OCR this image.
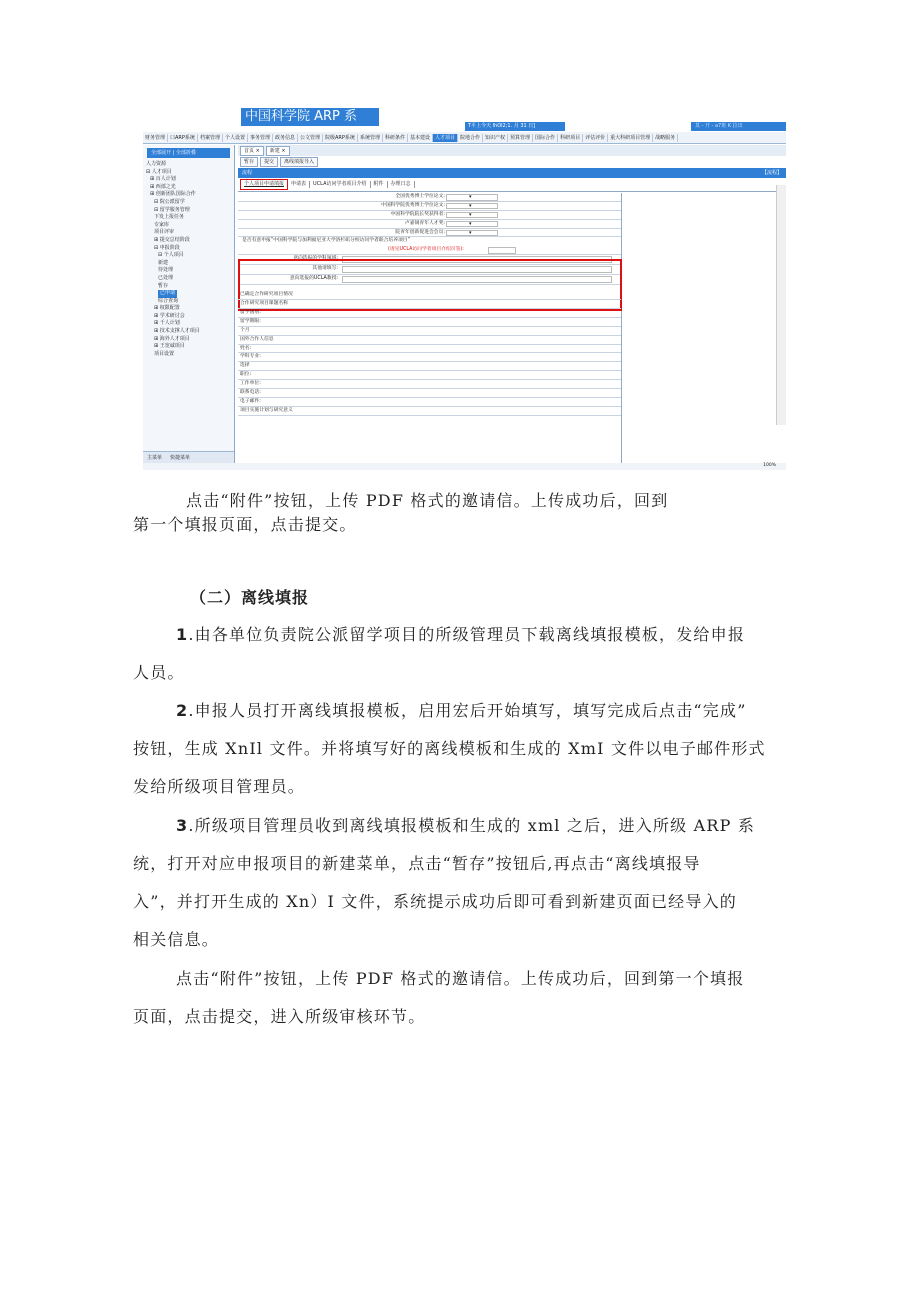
中国科学院 ARP 系
T平上今天 lhOl2;1. 月 31 日]	莫 - 开 - a7班 K 拉出
财务管理	口ARP系统	档案管理	个人设置	事务管理	政务信息	公文管理	院级ARP系统	系统管理	科研条件	基本建设	人才项目	院地合作	知识产权	预算管理	国际合作	科研项目	评估评价	重大科研项目管理	战略服务
全部展开 | 全部折叠
人力资源
⊟ 人才项目
⊞ 百人计划
⊞ 西部之光
⊞ 创新团队国际合作
⊟ 院公派留学
⊟ 留学服务管理
下发上报任务
专家库
项目评审
⊞ 提交总结阶段
⊟ 申报阶段
⊟ 个人项目
新建
待处理
已处理
暂存
已申请
综合查询
⊞ 权限配置
⊞ 学术研讨会
⊞ 千人计划
⊞ 技术支撑人才项目
⊞ 海外人才项目
⊞ 王宽诚项目
项目设置
主菜单 快捷菜单
首页 ×	新建 ×
暂存	提交	离线填报导入
流程	【流程】
个人项目申请填报	申请表	UCLA访问学者项目介绍	附件	办理日志
全国优秀博士学位论文:
▾
中国科学院优秀博士学位论文:
▾
中国科学院院长奖获得者:
▾
卢嘉锡青年人才奖:
▾
院青年创新促进会会员:
▾
是否有意申报“中国科学院与加利福尼亚大学洛杉矶分校访问学者联合培养项目”
(请见UCLA访问学者项目介绍页签):
意向选报的学科领域:
其他请填写:
意向选报的UCLA教授:
已确定合作研究项目情况
合作研究项目课题名称
留学国别:
留学期限:
个月
国外合作人信息
姓名:
学科专业:
选择
职位:
工作单位:
联系电话:
电子邮件:
项目实施计划与研究意义
100%
点击“附件”按钮，上传 PDF 格式的邀请信。上传成功后，回到
第一个填报页面，点击提交。
（二）离线填报
1.由各单位负责院公派留学项目的所级管理员下载离线填报模板，发给申报
人员。
2.申报人员打开离线填报模板，启用宏后开始填写，填写完成后点击“完成”
按钮，生成 XnIl 文件。并将填写好的离线模板和生成的 XmI 文件以电子邮件形式
发给所级项目管理员。
3.所级项目管理员收到离线填报模板和生成的 xml 之后，进入所级 ARP 系
统，打开对应申报项目的新建菜单，点击“暂存”按钮后,再点击“离线填报导
入”，并打开生成的 Xn）I 文件，系统提示成功后即可看到新建页面已经导入的
相关信息。
点击“附件”按钮，上传 PDF 格式的邀请信。上传成功后，回到第一个填报
页面，点击提交，进入所级审核环节。
